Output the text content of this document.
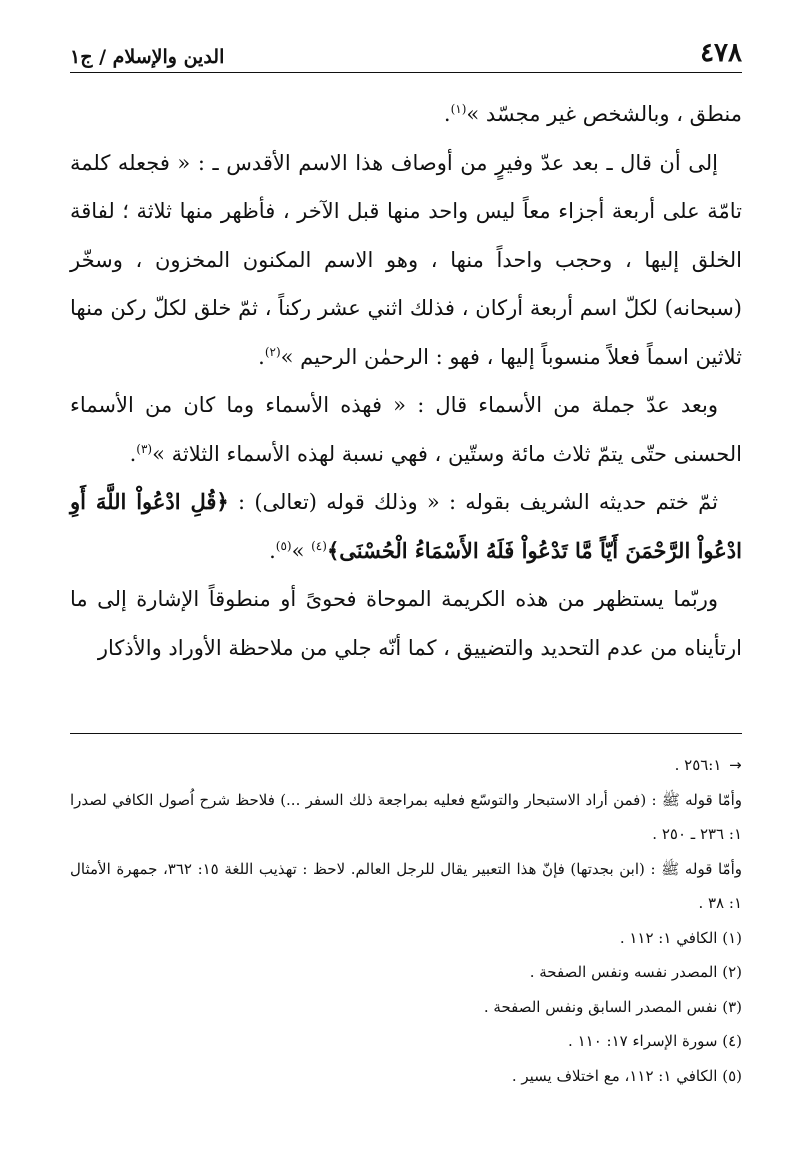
٤٧٨
الدين والإسلام / ج١

منطق ، وبالشخص غير مجسّد »$^{(١)}$.

إلى أن قال ـ بعد عدّ وفيرٍ من أوصاف هذا الاسم الأقدس ـ : « فجعله كلمة تامّة على أربعة أجزاء معاً ليس واحد منها قبل الآخر ، فأظهر منها ثلاثة ؛ لفاقة الخلق إليها ، وحجب واحداً منها ، وهو الاسم المكنون المخزون ، وسخّر (سبحانه) لكلّ اسم أربعة أركان ، فذلك اثني عشر ركناً ، ثمّ خلق لكلّ ركن منها ثلاثين اسماً فعلاً منسوباً إليها ، فهو : الرحمٰن الرحيم »$^{(٢)}$.

وبعد عدّ جملة من الأسماء قال : « فهذه الأسماء وما كان من الأسماء الحسنى حتّى يتمّ ثلاث مائة وستّين ، فهي نسبة لهذه الأسماء الثلاثة »$^{(٣)}$.

ثمّ ختم حديثه الشريف بقوله : « وذلك قوله (تعالى) : ﴿قُلِ ادْعُواْ اللَّهَ أَوِ ادْعُواْ الرَّحْمَنَ أَيّاً مَّا تَدْعُواْ فَلَهُ الأَسْمَاءُ الْحُسْنَى﴾$^{(٤)}$ »$^{(٥)}$.

وربّما يستظهر من هذه الكريمة الموحاة فحوىً أو منطوقاً الإشارة إلى ما ارتأيناه من عدم التحديد والتضييق ، كما أنّه جلي من ملاحظة الأوراد والأذكار

←
٢٥٦:١ .

وأمّا قوله ﷺ : (فمن أراد الاستبحار والتوسّع فعليه بمراجعة ذلك السفر ...) فلاحظ شرح اُصول الكافي لصدرا ١: ٢٣٦ ـ ٢٥٠ .

وأمّا قوله ﷺ : (ابن بجدتها) فإنّ هذا التعبير يقال للرجل العالم. لاحظ : تهذيب اللغة ١٥: ٣٦٢، جمهرة الأمثال ١: ٣٨ .

(١) الكافي ١: ١١٢ .

(٢) المصدر نفسه ونفس الصفحة .

(٣) نفس المصدر السابق ونفس الصفحة .

(٤) سورة الإسراء ١٧: ١١٠ .

(٥) الكافي ١: ١١٢، مع اختلاف يسير .
